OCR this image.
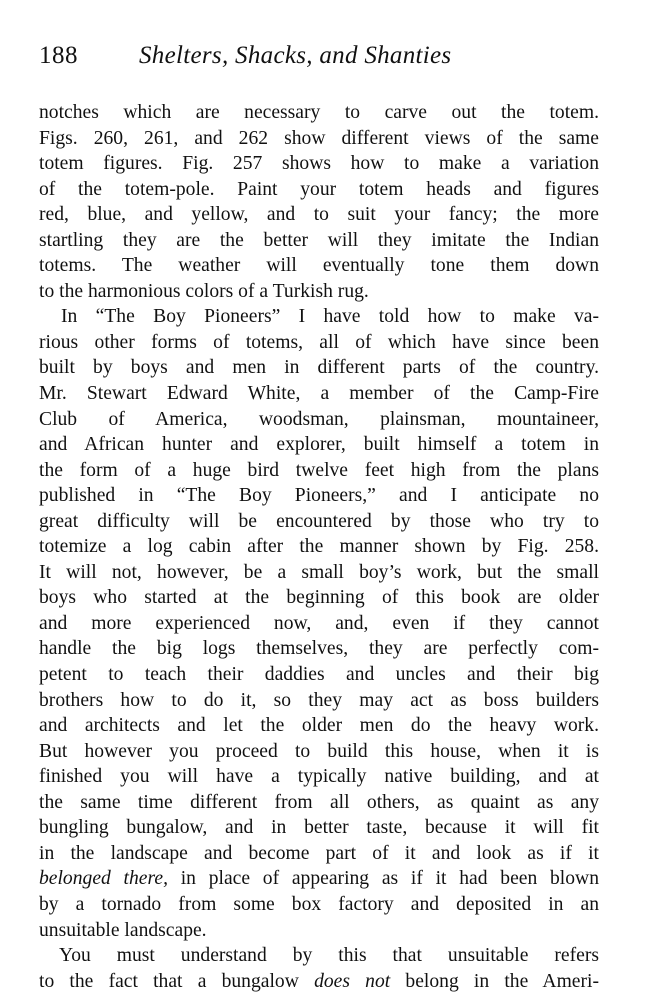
188	Shelters, Shacks, and Shanties
notches which are necessary to carve out the totem.
Figs. 260, 261, and 262 show different views of the same
totem figures. Fig. 257 shows how to make a variation
of the totem-pole. Paint your totem heads and figures
red, blue, and yellow, and to suit your fancy; the more
startling they are the better will they imitate the Indian
totems. The weather will eventually tone them down
to the harmonious colors of a Turkish rug.
In “The Boy Pioneers” I have told how to make va-
rious other forms of totems, all of which have since been
built by boys and men in different parts of the country.
Mr. Stewart Edward White, a member of the Camp-Fire
Club of America, woodsman, plainsman, mountaineer,
and African hunter and explorer, built himself a totem in
the form of a huge bird twelve feet high from the plans
published in “The Boy Pioneers,” and I anticipate no
great difficulty will be encountered by those who try to
totemize a log cabin after the manner shown by Fig. 258.
It will not, however, be a small boy’s work, but the small
boys who started at the beginning of this book are older
and more experienced now, and, even if they cannot
handle the big logs themselves, they are perfectly com-
petent to teach their daddies and uncles and their big
brothers how to do it, so they may act as boss builders
and architects and let the older men do the heavy work.
But however you proceed to build this house, when it is
finished you will have a typically native building, and at
the same time different from all others, as quaint as any
bungling bungalow, and in better taste, because it will fit
in the landscape and become part of it and look as if it
belonged there, in place of appearing as if it had been blown
by a tornado from some box factory and deposited in an
unsuitable landscape.
You must understand by this that unsuitable refers
to the fact that a bungalow does not belong in the Ameri-
